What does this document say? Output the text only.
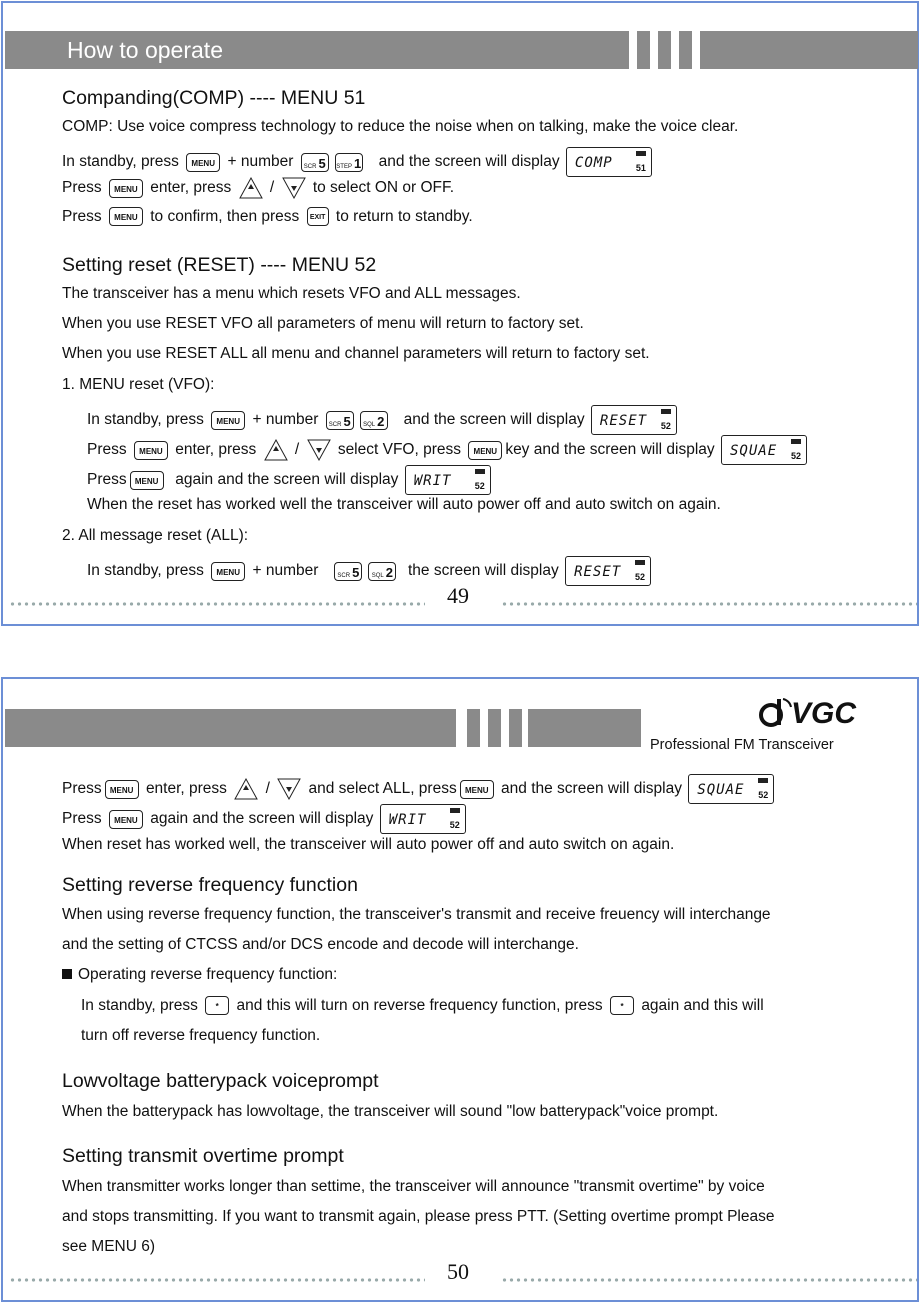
How to operate
Companding(COMP) ---- MENU 51
COMP: Use voice compress technology to reduce the noise when on talking, make the voice clear.
In standby, press MENU + number SCR 5 STEP 1 and the screen will display COMP	51
Press MENU enter, press / to select ON or OFF.
Press MENU to confirm, then press EXIT to return to standby.
Setting reset (RESET) ---- MENU 52
The transceiver has a menu which resets VFO and ALL messages.
When you use RESET VFO all parameters of menu will return to factory set.
When you use RESET ALL all menu and channel parameters will return to factory set.
1. MENU reset (VFO):
In standby, press MENU + number SCR 5 SQL 2 and the screen will display RESET 52
Press MENU enter, press / select VFO, press MENU key and the screen will display SQUAE 52
Press MENU again and the screen will display WRIT	52
When the reset has worked well the transceiver will auto power off and auto switch on again.
2. All message reset (ALL):
In standby, press MENU + number	SCR 5 SQL 2 the screen will display RESET 52
49
VGC
Professional FM Transceiver
Press MENU enter, press / and select ALL, press MENU and the screen will display SQUAE 52
Press MENU again and the screen will display WRIT	52
When reset has worked well, the transceiver will auto power off and auto switch on again.
Setting reverse frequency function
When using reverse frequency function, the transceiver's transmit and receive freuency will interchange
and the setting of CTCSS and/or DCS encode and decode will interchange.
Operating reverse frequency function:
In standby, press * and this will turn on reverse frequency function, press * again and this will
turn off reverse frequency function.
Lowvoltage batterypack voiceprompt
When the batterypack has lowvoltage, the transceiver will sound "low batterypack"voice prompt.
Setting transmit overtime prompt
When transmitter works longer than settime, the transceiver will announce "transmit overtime" by voice
and stops transmitting. If you want to transmit again, please press PTT. (Setting overtime prompt Please
see MENU 6)
50
